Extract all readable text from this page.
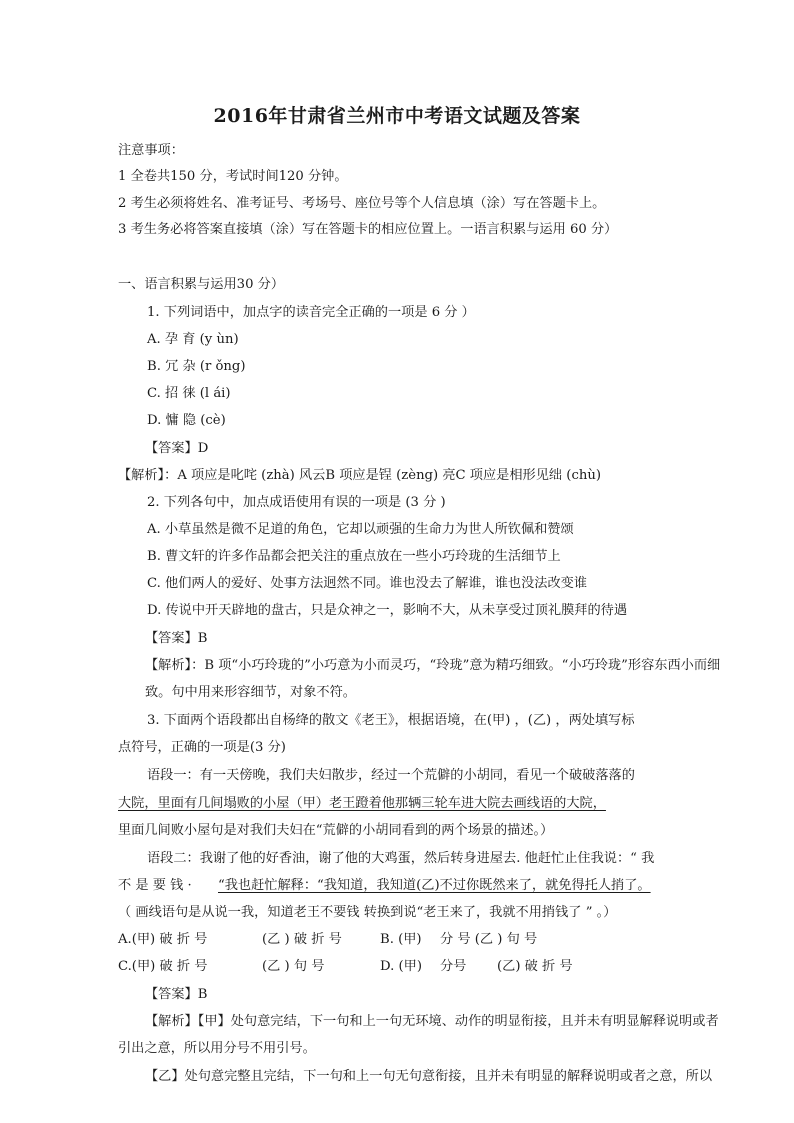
2016年甘肃省兰州市中考语文试题及答案
注意事项：
1 全卷共150 分，考试时间120 分钟。
2 考生必须将姓名、准考证号、考场号、座位号等个人信息填（涂）写在答题卡上。
3 考生务必将答案直接填（涂）写在答题卡的相应位置上。一语言积累与运用 60 分）
一、语言积累与运用30 分）
1. 下列词语中，加点字的读音完全正确的一项是 6 分 ）
A. 孕 育 (y ùn)
B. 冗 杂 (r ǒng)
C. 招 徕 (l ái)
D. 慵 隐 (cè)
【答案】D
【解析】：A 项应是叱咤 (zhà) 风云B 项应是锃 (zèng) 亮C 项应是相形见绌 (chù)
2. 下列各句中，加点成语使用有误的一项是 (3 分 )
A. 小草虽然是微不足道的角色，它却以顽强的生命力为世人所钦佩和赞颂
B. 曹文轩的许多作品都会把关注的重点放在一些小巧玲珑的生活细节上
C. 他们两人的爱好、处事方法迥然不同。谁也没去了解谁，谁也没法改变谁
D. 传说中开天辟地的盘古，只是众神之一，影响不大，从未享受过顶礼膜拜的待遇
【答案】B
【解析】：B 项“小巧玲珑的”小巧意为小而灵巧，“玲珑”意为精巧细致。“小巧玲珑”形容东西小而细
致。句中用来形容细节，对象不符。
3. 下面两个语段都出自杨绛的散文《老王》，根据语境，在(甲) ，(乙) ，两处填写标
点符号，正确的一项是(3 分)
语段一：有一天傍晚，我们夫妇散步，经过一个荒僻的小胡同，看见一个破破落落的
大院，里面有几间塌败的小屋（甲）老王蹬着他那辆三轮车进大院去画线语的大院，
里面几间败小屋句是对我们夫妇在“荒僻的小胡同看到的两个场景的描述。）
语段二：我谢了他的好香油，谢了他的大鸡蛋，然后转身进屋去. 他赶忙止住我说：“ 我
不 是 要 钱 · “我也赶忙解释：“我知道，我知道(乙)不过你既然来了，就免得托人捎了。
（ 画线语句是从说一我，知道老王不要钱 转换到说“老王来了，我就不用捎钱了 ” 。）
A.(甲) 破 折 号	(乙 ) 破 折 号	B. (甲) 分 号 (乙 ) 句 号
C.(甲) 破 折 号	(乙 ) 句 号	D. (甲) 分号 (乙) 破 折 号
【答案】B
【解析】【甲】处句意完结，下一句和上一句无环境、动作的明显衔接，且并未有明显解释说明或者
引出之意，所以用分号不用引号。
【乙】处句意完整且完结，下一句和上一句无句意衔接，且并未有明显的解释说明或者之意，所以
